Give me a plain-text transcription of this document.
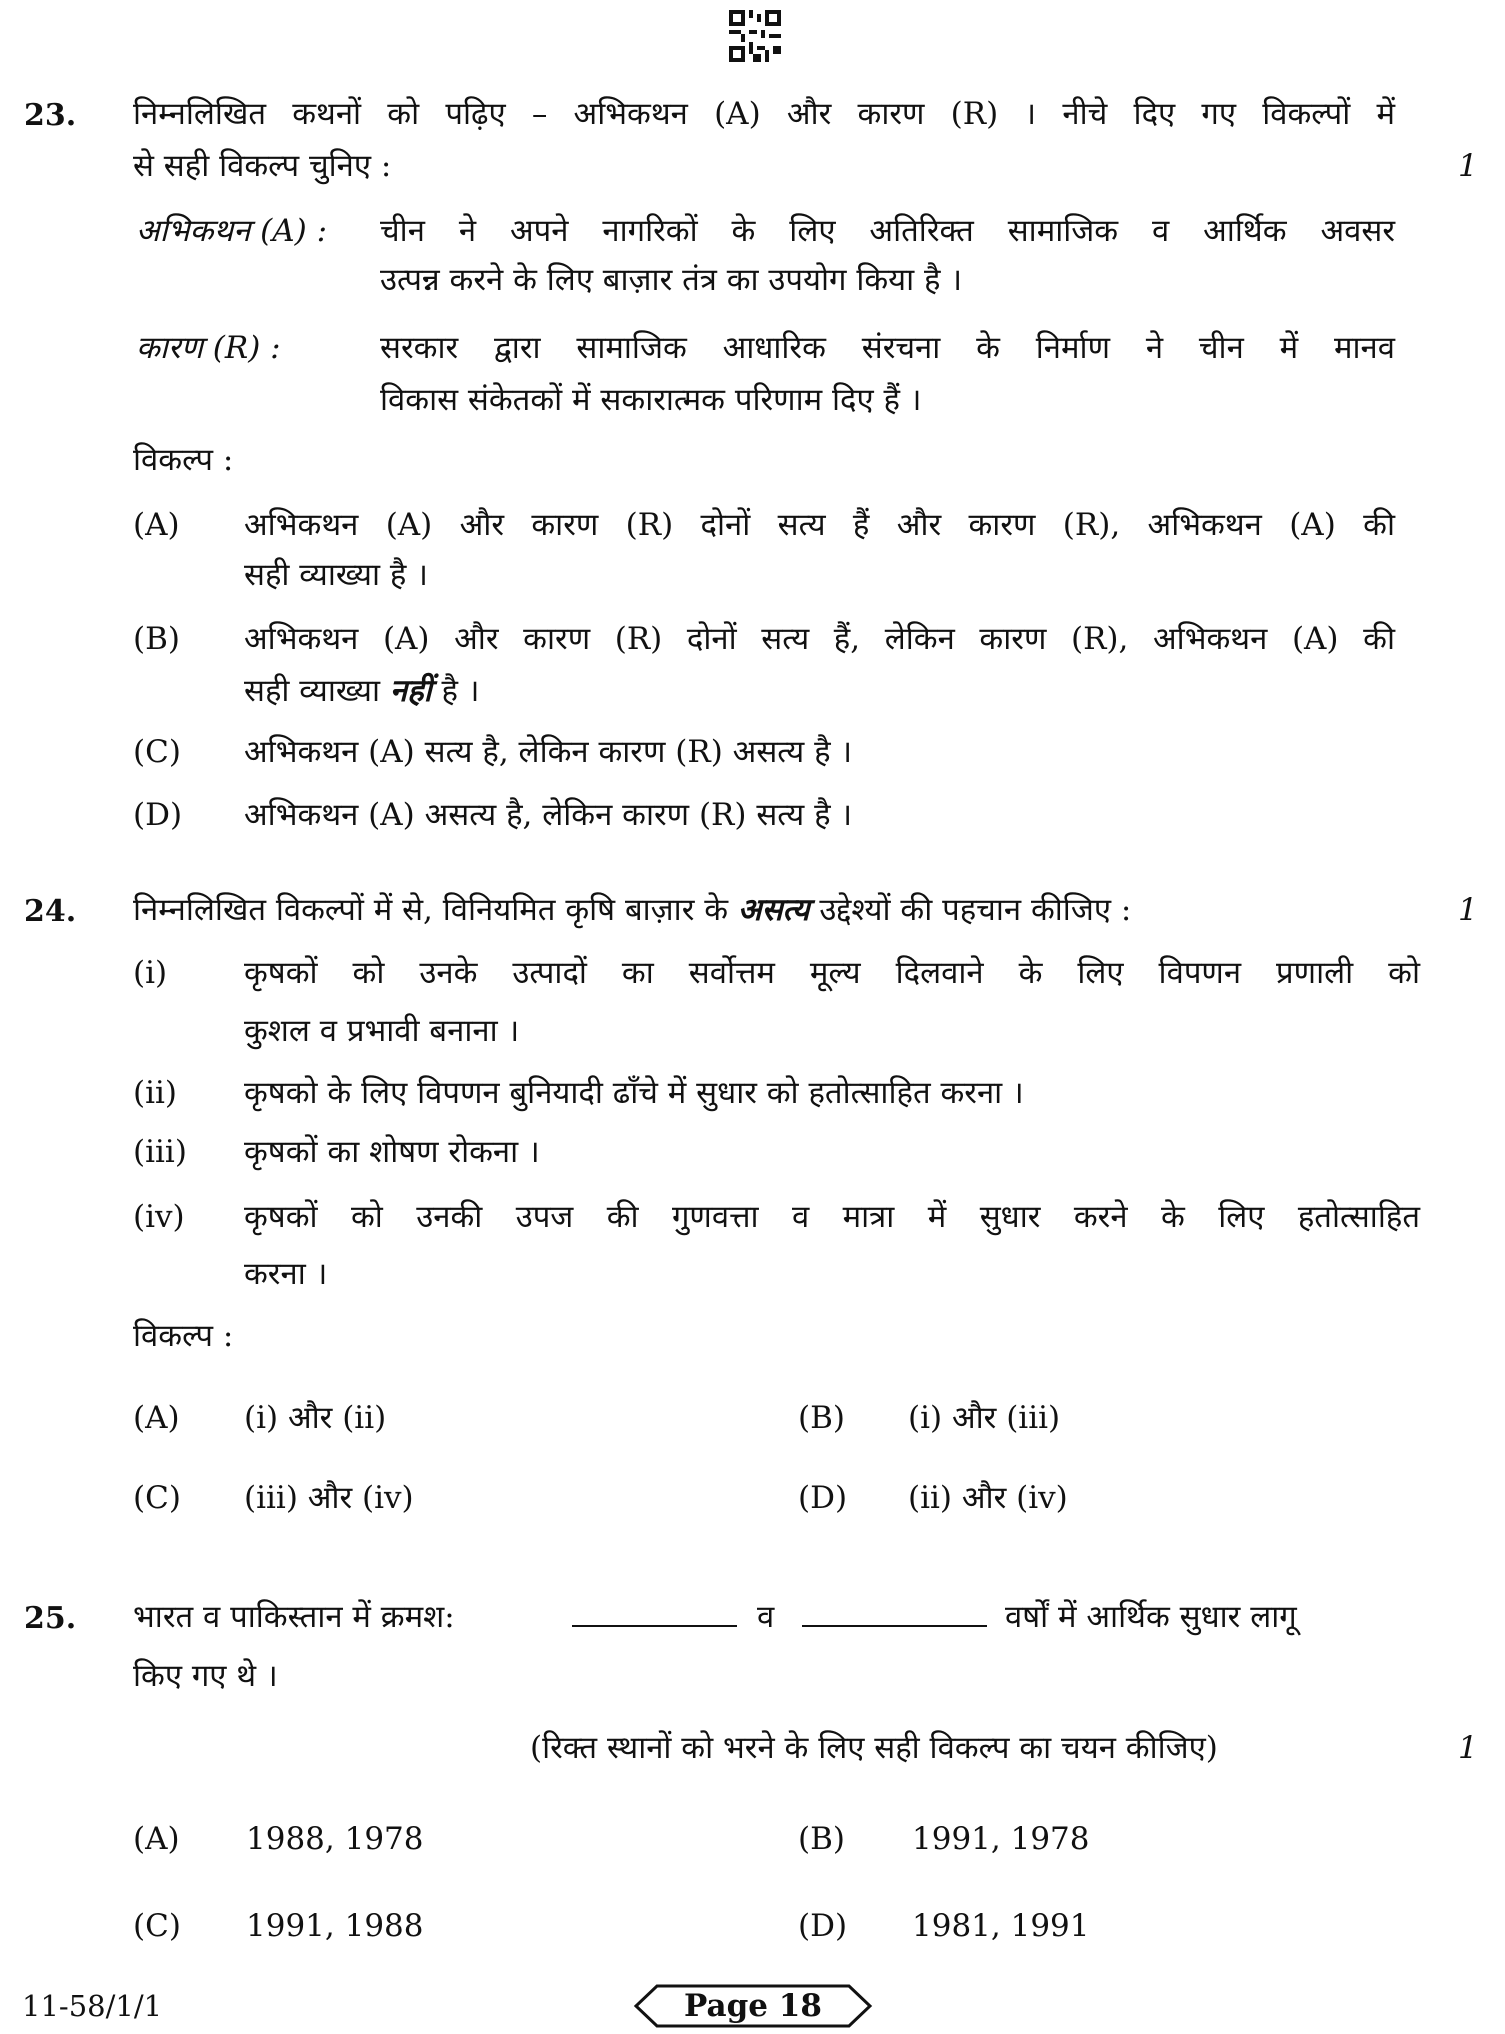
23. निम्नलिखित कथनों को पढ़िए – अभिकथन (A) और कारण (R) । नीचे दिए गए विकल्पों में
से सही विकल्प चुनिए :	1
अभिकथन (A) : चीन ने अपने नागरिकों के लिए अतिरिक्त सामाजिक व आर्थिक अवसर
उत्पन्न करने के लिए बाज़ार तंत्र का उपयोग किया है ।
कारण (R) :	सरकार द्वारा सामाजिक आधारिक संरचना के निर्माण ने चीन में मानव
विकास संकेतकों में सकारात्मक परिणाम दिए हैं ।
विकल्प :
(A) अभिकथन (A) और कारण (R) दोनों सत्य हैं और कारण (R), अभिकथन (A) की
सही व्याख्या है ।
(B) अभिकथन (A) और कारण (R) दोनों सत्य हैं, लेकिन कारण (R), अभिकथन (A) की
सही व्याख्या नहीं है ।
(C) अभिकथन (A) सत्य है, लेकिन कारण (R) असत्य है ।
(D) अभिकथन (A) असत्य है, लेकिन कारण (R) सत्य है ।
24. निम्नलिखित विकल्पों में से, विनियमित कृषि बाज़ार के असत्य उद्देश्यों की पहचान कीजिए :	1
(i) कृषकों को उनके उत्पादों का सर्वोत्तम मूल्य दिलवाने के लिए विपणन प्रणाली को
कुशल व प्रभावी बनाना ।
(ii) कृषको के लिए विपणन बुनियादी ढाँचे में सुधार को हतोत्साहित करना ।
(iii) कृषकों का शोषण रोकना ।
(iv) कृषकों को उनकी उपज की गुणवत्ता व मात्रा में सुधार करने के लिए हतोत्साहित
करना ।
विकल्प :
(A) (i) और (ii)	(B) (i) और (iii)
(C) (iii) और (iv)	(D) (ii) और (iv)
25. भारत व पाकिस्तान में क्रमश:	व	वर्षों में आर्थिक सुधार लागू
किए गए थे ।
(रिक्त स्थानों को भरने के लिए सही विकल्प का चयन कीजिए)	1
(A) 1988, 1978	(B) 1991, 1978
(C) 1991, 1988	(D) 1981, 1991
11-58/1/1	Page 18
